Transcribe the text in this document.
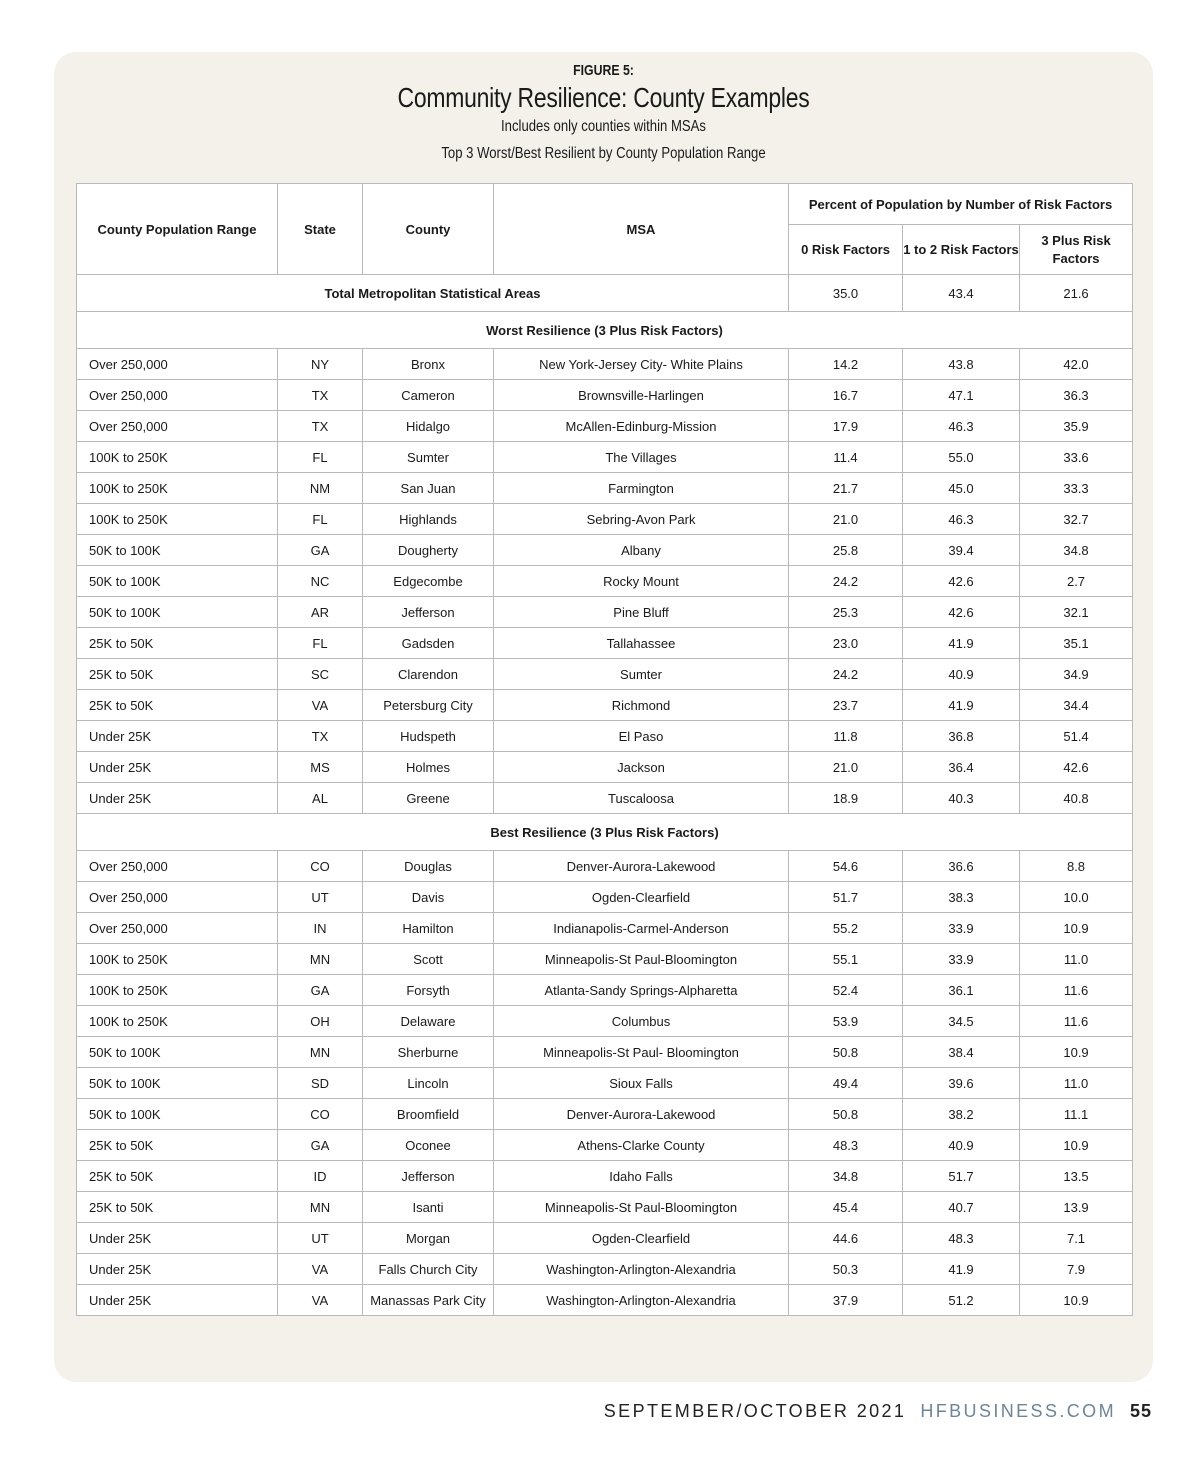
FIGURE 5:
Community Resilience: County Examples
Includes only counties within MSAs
Top 3 Worst/Best Resilient by County Population Range
County Population Range	State	County	MSA	Percent of Population by Number of Risk Factors		

				0 Risk Factors	1 to 2 Risk Factors	3 Plus Risk Factors

Total Metropolitan Statistical Areas				35.0	43.4	21.6
Worst Resilience (3 Plus Risk Factors)						
Over 250,000	NY	Bronx	New York-Jersey City- White Plains	14.2	43.8	42.0
Over 250,000	TX	Cameron	Brownsville-Harlingen	16.7	47.1	36.3
Over 250,000	TX	Hidalgo	McAllen-Edinburg-Mission	17.9	46.3	35.9
100K to 250K	FL	Sumter	The Villages	11.4	55.0	33.6
100K to 250K	NM	San Juan	Farmington	21.7	45.0	33.3
100K to 250K	FL	Highlands	Sebring-Avon Park	21.0	46.3	32.7
50K to 100K	GA	Dougherty	Albany	25.8	39.4	34.8
50K to 100K	NC	Edgecombe	Rocky Mount	24.2	42.6	2.7
50K to 100K	AR	Jefferson	Pine Bluff	25.3	42.6	32.1
25K to 50K	FL	Gadsden	Tallahassee	23.0	41.9	35.1
25K to 50K	SC	Clarendon	Sumter	24.2	40.9	34.9
25K to 50K	VA	Petersburg City	Richmond	23.7	41.9	34.4
Under 25K	TX	Hudspeth	El Paso	11.8	36.8	51.4
Under 25K	MS	Holmes	Jackson	21.0	36.4	42.6
Under 25K	AL	Greene	Tuscaloosa	18.9	40.3	40.8
Best Resilience (3 Plus Risk Factors)						
Over 250,000	CO	Douglas	Denver-Aurora-Lakewood	54.6	36.6	8.8
Over 250,000	UT	Davis	Ogden-Clearfield	51.7	38.3	10.0
Over 250,000	IN	Hamilton	Indianapolis-Carmel-Anderson	55.2	33.9	10.9
100K to 250K	MN	Scott	Minneapolis-St Paul-Bloomington	55.1	33.9	11.0
100K to 250K	GA	Forsyth	Atlanta-Sandy Springs-Alpharetta	52.4	36.1	11.6
100K to 250K	OH	Delaware	Columbus	53.9	34.5	11.6
50K to 100K	MN	Sherburne	Minneapolis-St Paul- Bloomington	50.8	38.4	10.9
50K to 100K	SD	Lincoln	Sioux Falls	49.4	39.6	11.0
50K to 100K	CO	Broomfield	Denver-Aurora-Lakewood	50.8	38.2	11.1
25K to 50K	GA	Oconee	Athens-Clarke County	48.3	40.9	10.9
25K to 50K	ID	Jefferson	Idaho Falls	34.8	51.7	13.5
25K to 50K	MN	Isanti	Minneapolis-St Paul-Bloomington	45.4	40.7	13.9
Under 25K	UT	Morgan	Ogden-Clearfield	44.6	48.3	7.1
Under 25K	VA	Falls Church City	Washington-Arlington-Alexandria	50.3	41.9	7.9
Under 25K	VA	Manassas Park City	Washington-Arlington-Alexandria	37.9	51.2	10.9
SEPTEMBER/OCTOBER 2021 HFBUSINESS.COM 55
